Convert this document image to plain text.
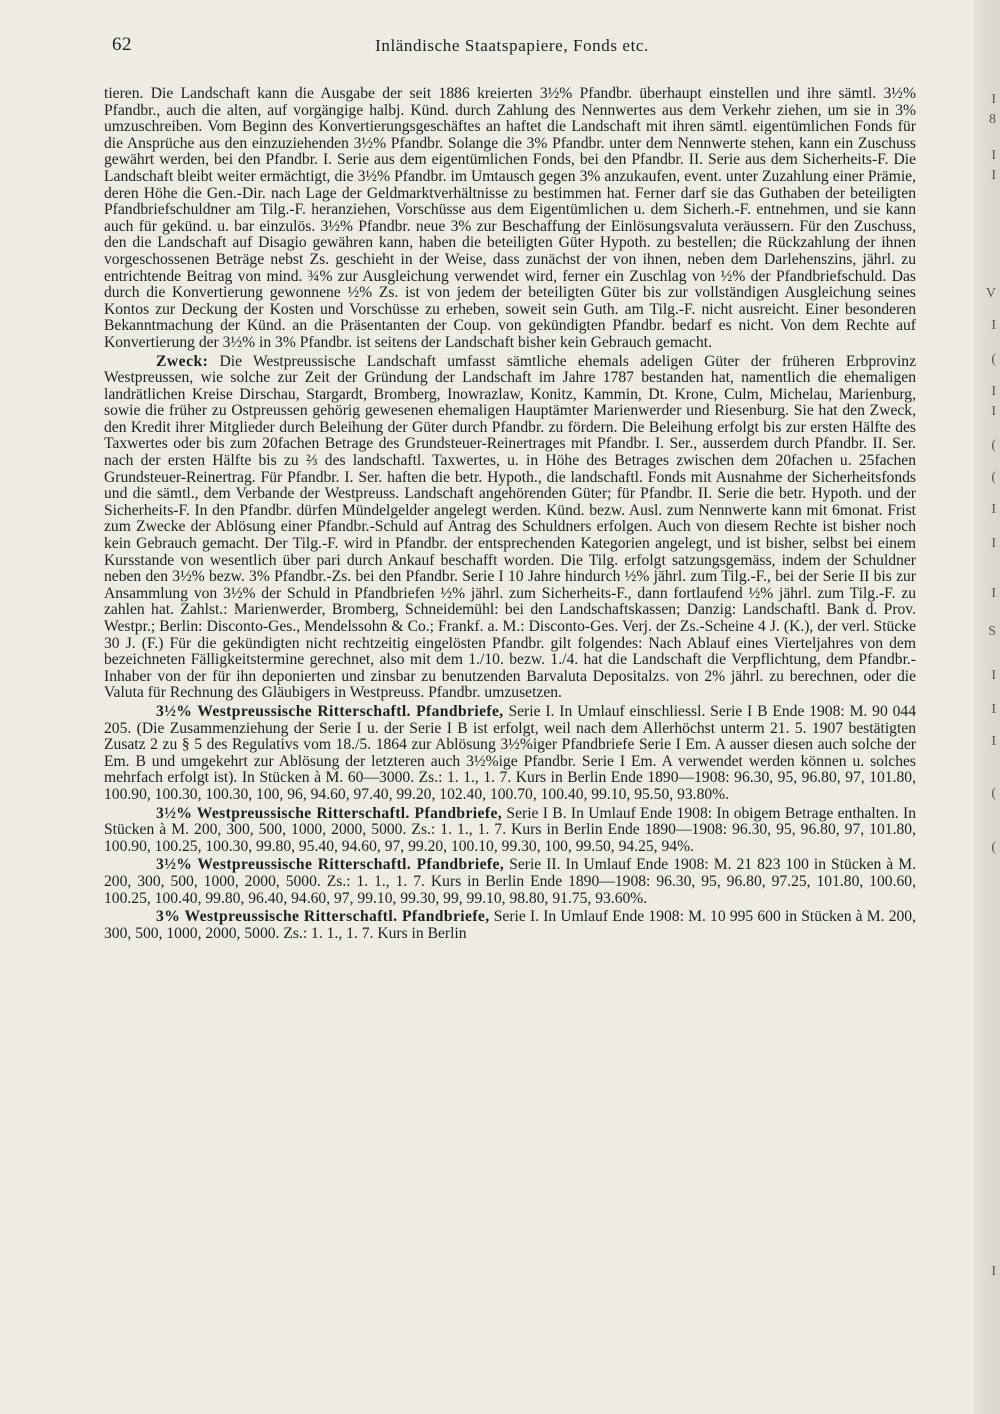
I
8
I
I
V
I
(
I
I
(
(
I
I
I
S
I
I
I
(
(
I
62	Inländische Staatspapiere, Fonds etc.

tieren. Die Landschaft kann die Ausgabe der seit 1886 kreierten 3½% Pfandbr. überhaupt einstellen und ihre sämtl. 3½% Pfandbr., auch die alten, auf vorgängige halbj. Künd. durch Zahlung des Nennwertes aus dem Verkehr ziehen, um sie in 3% umzuschreiben. Vom Beginn des Konvertierungsgeschäftes an haftet die Landschaft mit ihren sämtl. eigentümlichen Fonds für die Ansprüche aus den einzuziehenden 3½% Pfandbr. Solange die 3% Pfandbr. unter dem Nennwerte stehen, kann ein Zuschuss gewährt werden, bei den Pfandbr. I. Serie aus dem eigentümlichen Fonds, bei den Pfandbr. II. Serie aus dem Sicherheits-F. Die Landschaft bleibt weiter ermächtigt, die 3½% Pfandbr. im Umtausch gegen 3% anzukaufen, event. unter Zuzahlung einer Prämie, deren Höhe die Gen.-Dir. nach Lage der Geldmarktverhältnisse zu bestimmen hat. Ferner darf sie das Guthaben der beteiligten Pfandbriefschuldner am Tilg.-F. heranziehen, Vorschüsse aus dem Eigentümlichen u. dem Sicherh.-F. entnehmen, und sie kann auch für gekünd. u. bar einzulös. 3½% Pfandbr. neue 3% zur Beschaffung der Einlösungsvaluta veräussern. Für den Zuschuss, den die Landschaft auf Disagio gewähren kann, haben die beteiligten Güter Hypoth. zu bestellen; die Rückzahlung der ihnen vorgeschossenen Beträge nebst Zs. geschieht in der Weise, dass zunächst der von ihnen, neben dem Darlehenszins, jährl. zu entrichtende Beitrag von mind. ¾% zur Ausgleichung verwendet wird, ferner ein Zuschlag von ½% der Pfandbriefschuld. Das durch die Konvertierung gewonnene ½% Zs. ist von jedem der beteiligten Güter bis zur vollständigen Ausgleichung seines Kontos zur Deckung der Kosten und Vorschüsse zu erheben, soweit sein Guth. am Tilg.-F. nicht ausreicht. Einer besonderen Bekanntmachung der Künd. an die Präsentanten der Coup. von gekündigten Pfandbr. bedarf es nicht. Von dem Rechte auf Konvertierung der 3½% in 3% Pfandbr. ist seitens der Landschaft bisher kein Gebrauch gemacht.

Zweck: Die Westpreussische Landschaft umfasst sämtliche ehemals adeligen Güter der früheren Erbprovinz Westpreussen, wie solche zur Zeit der Gründung der Landschaft im Jahre 1787 bestanden hat, namentlich die ehemaligen landrätlichen Kreise Dirschau, Stargardt, Bromberg, Inowrazlaw, Konitz, Kammin, Dt. Krone, Culm, Michelau, Marienburg, sowie die früher zu Ostpreussen gehörig gewesenen ehemaligen Hauptämter Marienwerder und Riesenburg. Sie hat den Zweck, den Kredit ihrer Mitglieder durch Beleihung der Güter durch Pfandbr. zu fördern. Die Beleihung erfolgt bis zur ersten Hälfte des Taxwertes oder bis zum 20fachen Betrage des Grundsteuer-Reinertrages mit Pfandbr. I. Ser., ausserdem durch Pfandbr. II. Ser. nach der ersten Hälfte bis zu ⅔ des landschaftl. Taxwertes, u. in Höhe des Betrages zwischen dem 20fachen u. 25fachen Grundsteuer-Reinertrag. Für Pfandbr. I. Ser. haften die betr. Hypoth., die landschaftl. Fonds mit Ausnahme der Sicherheitsfonds und die sämtl., dem Verbande der Westpreuss. Landschaft angehörenden Güter; für Pfandbr. II. Serie die betr. Hypoth. und der Sicherheits-F. In den Pfandbr. dürfen Mündelgelder angelegt werden. Künd. bezw. Ausl. zum Nennwerte kann mit 6monat. Frist zum Zwecke der Ablösung einer Pfandbr.-Schuld auf Antrag des Schuldners erfolgen. Auch von diesem Rechte ist bisher noch kein Gebrauch gemacht. Der Tilg.-F. wird in Pfandbr. der entsprechenden Kategorien angelegt, und ist bisher, selbst bei einem Kursstande von wesentlich über pari durch Ankauf beschafft worden. Die Tilg. erfolgt satzungsgemäss, indem der Schuldner neben den 3½% bezw. 3% Pfandbr.-Zs. bei den Pfandbr. Serie I 10 Jahre hindurch ½% jährl. zum Tilg.-F., bei der Serie II bis zur Ansammlung von 3½% der Schuld in Pfandbriefen ½% jährl. zum Sicherheits-F., dann fortlaufend ½% jährl. zum Tilg.-F. zu zahlen hat. Zahlst.: Marienwerder, Bromberg, Schneidemühl: bei den Landschaftskassen; Danzig: Landschaftl. Bank d. Prov. Westpr.; Berlin: Disconto-Ges., Mendelssohn & Co.; Frankf. a. M.: Disconto-Ges. Verj. der Zs.-Scheine 4 J. (K.), der verl. Stücke 30 J. (F.) Für die gekündigten nicht rechtzeitig eingelösten Pfandbr. gilt folgendes: Nach Ablauf eines Vierteljahres von dem bezeichneten Fälligkeitstermine gerechnet, also mit dem 1./10. bezw. 1./4. hat die Landschaft die Verpflichtung, dem Pfandbr.-Inhaber von der für ihn deponierten und zinsbar zu benutzenden Barvaluta Depositalzs. von 2% jährl. zu berechnen, oder die Valuta für Rechnung des Gläubigers in Westpreuss. Pfandbr. umzusetzen.

3½% Westpreussische Ritterschaftl. Pfandbriefe, Serie I. In Umlauf einschliessl. Serie I B Ende 1908: M. 90 044 205. (Die Zusammenziehung der Serie I u. der Serie I B ist erfolgt, weil nach dem Allerhöchst unterm 21. 5. 1907 bestätigten Zusatz 2 zu § 5 des Regulativs vom 18./5. 1864 zur Ablösung 3½%iger Pfandbriefe Serie I Em. A ausser diesen auch solche der Em. B und umgekehrt zur Ablösung der letzteren auch 3½%ige Pfandbr. Serie I Em. A verwendet werden können u. solches mehrfach erfolgt ist). In Stücken à M. 60—3000. Zs.: 1. 1., 1. 7. Kurs in Berlin Ende 1890—1908: 96.30, 95, 96.80, 97, 101.80, 100.90, 100.30, 100.30, 100, 96, 94.60, 97.40, 99.20, 102.40, 100.70, 100.40, 99.10, 95.50, 93.80%.

3½% Westpreussische Ritterschaftl. Pfandbriefe, Serie I B. In Umlauf Ende 1908: In obigem Betrage enthalten. In Stücken à M. 200, 300, 500, 1000, 2000, 5000. Zs.: 1. 1., 1. 7. Kurs in Berlin Ende 1890—1908: 96.30, 95, 96.80, 97, 101.80, 100.90, 100.25, 100.30, 99.80, 95.40, 94.60, 97, 99.20, 100.10, 99.30, 100, 99.50, 94.25, 94%.

3½% Westpreussische Ritterschaftl. Pfandbriefe, Serie II. In Umlauf Ende 1908: M. 21 823 100 in Stücken à M. 200, 300, 500, 1000, 2000, 5000. Zs.: 1. 1., 1. 7. Kurs in Berlin Ende 1890—1908: 96.30, 95, 96.80, 97.25, 101.80, 100.60, 100.25, 100.40, 99.80, 96.40, 94.60, 97, 99.10, 99.30, 99, 99.10, 98.80, 91.75, 93.60%.

3% Westpreussische Ritterschaftl. Pfandbriefe, Serie I. In Umlauf Ende 1908: M. 10 995 600 in Stücken à M. 200, 300, 500, 1000, 2000, 5000. Zs.: 1. 1., 1. 7. Kurs in Berlin
